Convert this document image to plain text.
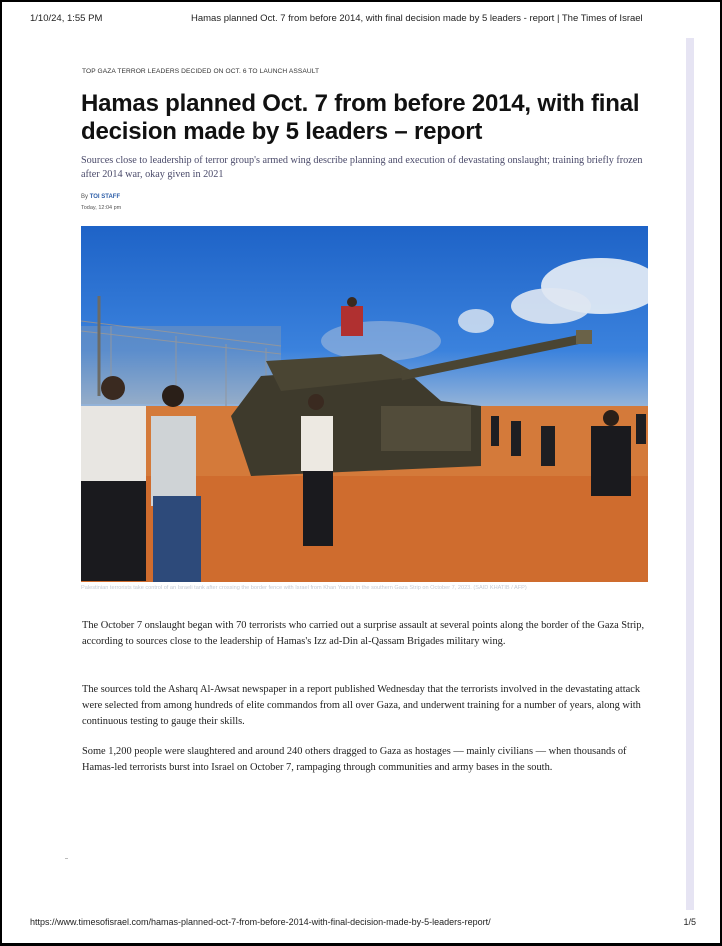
1/10/24, 1:55 PM	Hamas planned Oct. 7 from before 2014, with final decision made by 5 leaders - report | The Times of Israel
TOP GAZA TERROR LEADERS DECIDED ON OCT. 6 TO LAUNCH ASSAULT
Hamas planned Oct. 7 from before 2014, with final decision made by 5 leaders – report

Sources close to leadership of terror group's armed wing describe planning and execution of devastating onslaught; training briefly frozen after 2014 war, okay given in 2021

By TOI STAFF
Today, 12:04 pm

Palestinian terrorists take control of an Israeli tank after crossing the border fence with Israel from Khan Younis in the southern Gaza Strip on October 7, 2023. (SAID KHATIB / AFP)

The October 7 onslaught began with 70 terrorists who carried out a surprise assault at several points along the border of the Gaza Strip, according to sources close to the leadership of Hamas's Izz ad-Din al-Qassam Brigades military wing.

The sources told the Asharq Al-Awsat newspaper in a report published Wednesday that the terrorists involved in the devastating attack were selected from among hundreds of elite commandos from all over Gaza, and underwent training for a number of years, along with continuous testing to gauge their skills.

Some 1,200 people were slaughtered and around 240 others dragged to Gaza as hostages — mainly civilians — when thousands of Hamas-led terrorists burst into Israel on October 7, rampaging through communities and army bases in the south.

https://www.timesofisrael.com/hamas-planned-oct-7-from-before-2014-with-final-decision-made-by-5-leaders-report/	1/5
